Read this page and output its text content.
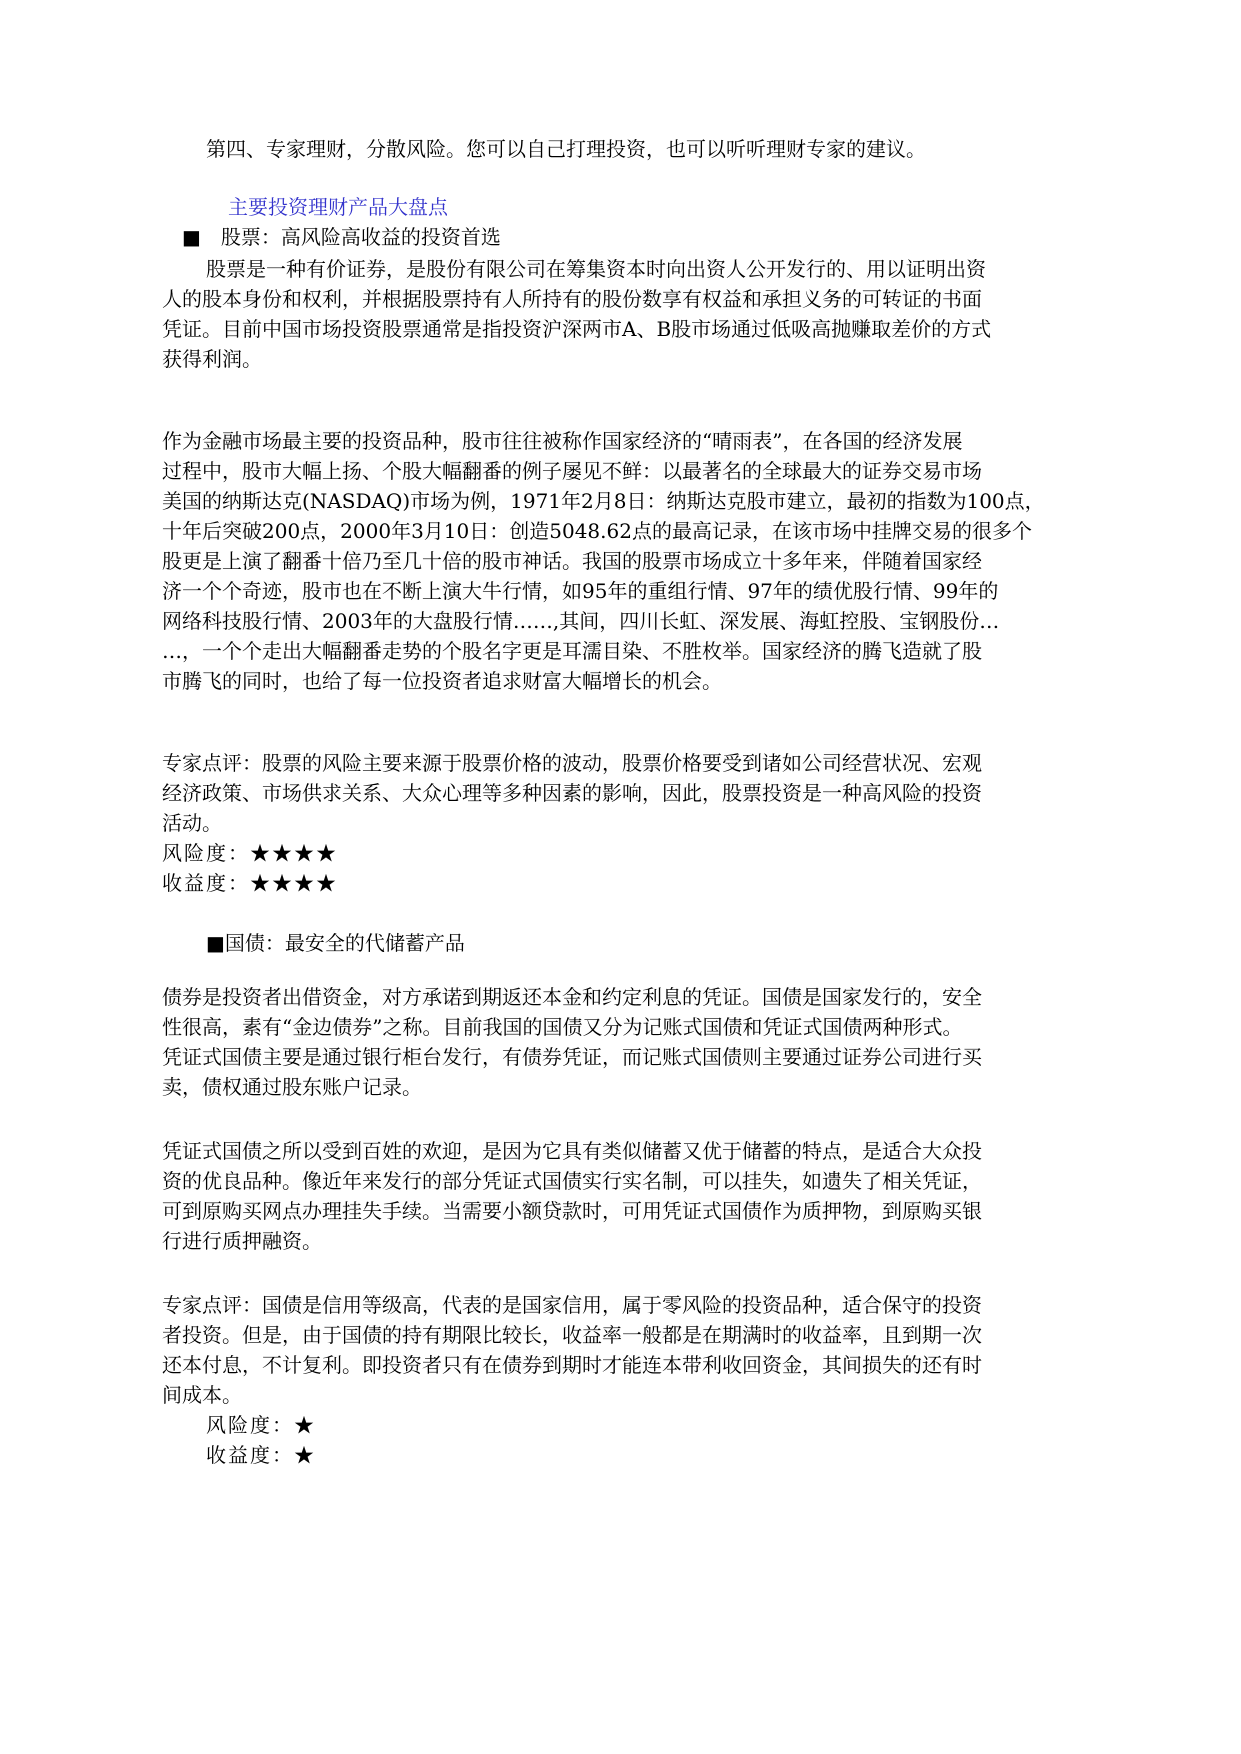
第四、专家理财，分散风险。您可以自己打理投资，也可以听听理财专家的建议。

主要投资理财产品大盘点

■　股票：高风险高收益的投资首选

股票是一种有价证券，是股份有限公司在筹集资本时向出资人公开发行的、用以证明出资

人的股本身份和权利，并根据股票持有人所持有的股份数享有权益和承担义务的可转证的书面

凭证。目前中国市场投资股票通常是指投资沪深两市A、B股市场通过低吸高抛赚取差价的方式

获得利润。

作为金融市场最主要的投资品种，股市往往被称作国家经济的“晴雨表”，在各国的经济发展

过程中，股市大幅上扬、个股大幅翻番的例子屡见不鲜：以最著名的全球最大的证券交易市场

美国的纳斯达克(NASDAQ)市场为例，1971年2月8日：纳斯达克股市建立，最初的指数为100点，

十年后突破200点，2000年3月10日：创造5048.62点的最高记录，在该市场中挂牌交易的很多个

股更是上演了翻番十倍乃至几十倍的股市神话。我国的股票市场成立十多年来，伴随着国家经

济一个个奇迹，股市也在不断上演大牛行情，如95年的重组行情、97年的绩优股行情、99年的

网络科技股行情、2003年的大盘股行情……,其间，四川长虹、深发展、海虹控股、宝钢股份…

…，一个个走出大幅翻番走势的个股名字更是耳濡目染、不胜枚举。国家经济的腾飞造就了股

市腾飞的同时，也给了每一位投资者追求财富大幅增长的机会。

专家点评：股票的风险主要来源于股票价格的波动，股票价格要受到诸如公司经营状况、宏观

经济政策、市场供求关系、大众心理等多种因素的影响，因此，股票投资是一种高风险的投资

活动。

风险度：★★★★

收益度：★★★★

■国债：最安全的代储蓄产品

债券是投资者出借资金，对方承诺到期返还本金和约定利息的凭证。国债是国家发行的，安全

性很高，素有“金边债券”之称。目前我国的国债又分为记账式国债和凭证式国债两种形式。

凭证式国债主要是通过银行柜台发行，有债券凭证，而记账式国债则主要通过证券公司进行买

卖，债权通过股东账户记录。

凭证式国债之所以受到百姓的欢迎，是因为它具有类似储蓄又优于储蓄的特点，是适合大众投

资的优良品种。像近年来发行的部分凭证式国债实行实名制，可以挂失，如遗失了相关凭证，

可到原购买网点办理挂失手续。当需要小额贷款时，可用凭证式国债作为质押物，到原购买银

行进行质押融资。

专家点评：国债是信用等级高，代表的是国家信用，属于零风险的投资品种，适合保守的投资

者投资。但是，由于国债的持有期限比较长，收益率一般都是在期满时的收益率，且到期一次

还本付息，不计复利。即投资者只有在债券到期时才能连本带利收回资金，其间损失的还有时

间成本。

风险度：★

收益度：★
